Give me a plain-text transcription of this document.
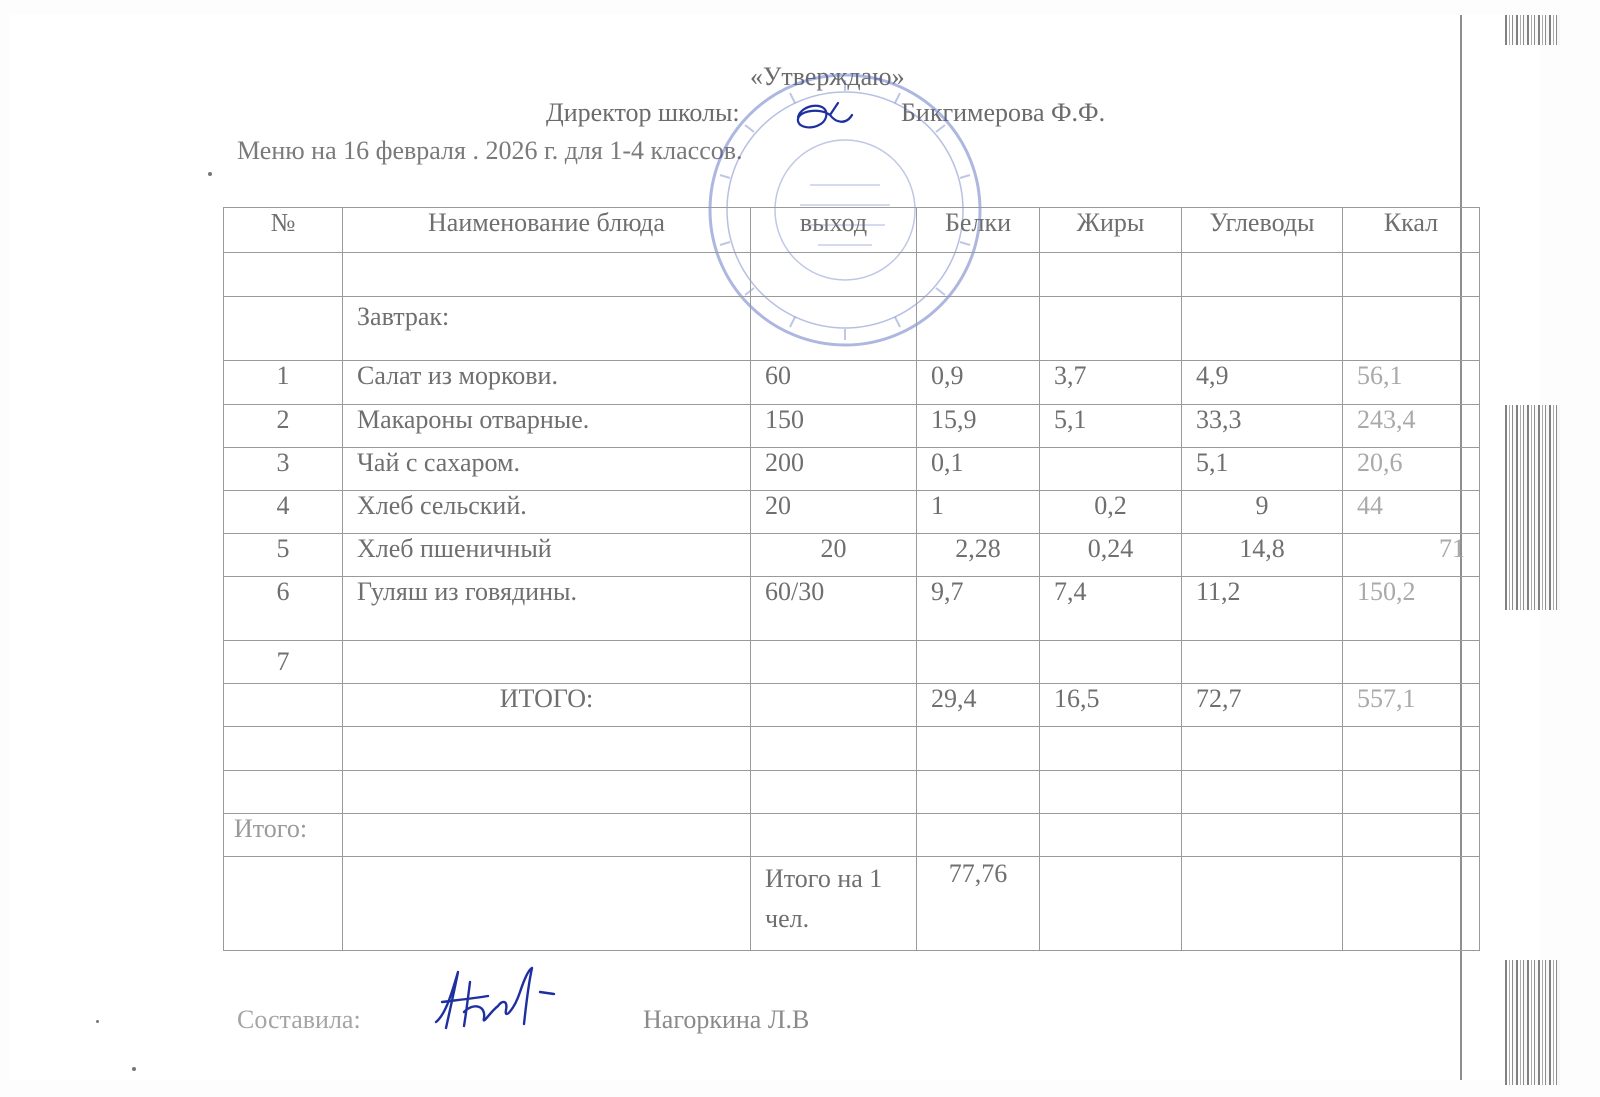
«Утверждаю»
Директор школы:	Бикгимерова Ф.Ф.
Меню на 16 февраля . 2026 г. для 1-4 классов.
№	Наименование блюда	выход	Белки	Жиры	Углеводы	Ккал

	Завтрак:					
1	Салат из моркови.	60	0,9	3,7	4,9	56,1
2	Макароны отварные.	150	15,9	5,1	33,3	243,4
3	Чай с сахаром.	200	0,1		5,1	20,6
4	Хлеб сельский.	20	1	0,2	9	44
5	Хлеб пшеничный	20	2,28	0,24	14,8	71
6	Гуляш из говядины.	60/30	9,7	7,4	11,2	150,2
7						
	ИТОГО:		29,4	16,5	72,7	557,1

Итого:						
		Итого на 1 чел.	77,76			
Составила:	Нагоркина Л.В
